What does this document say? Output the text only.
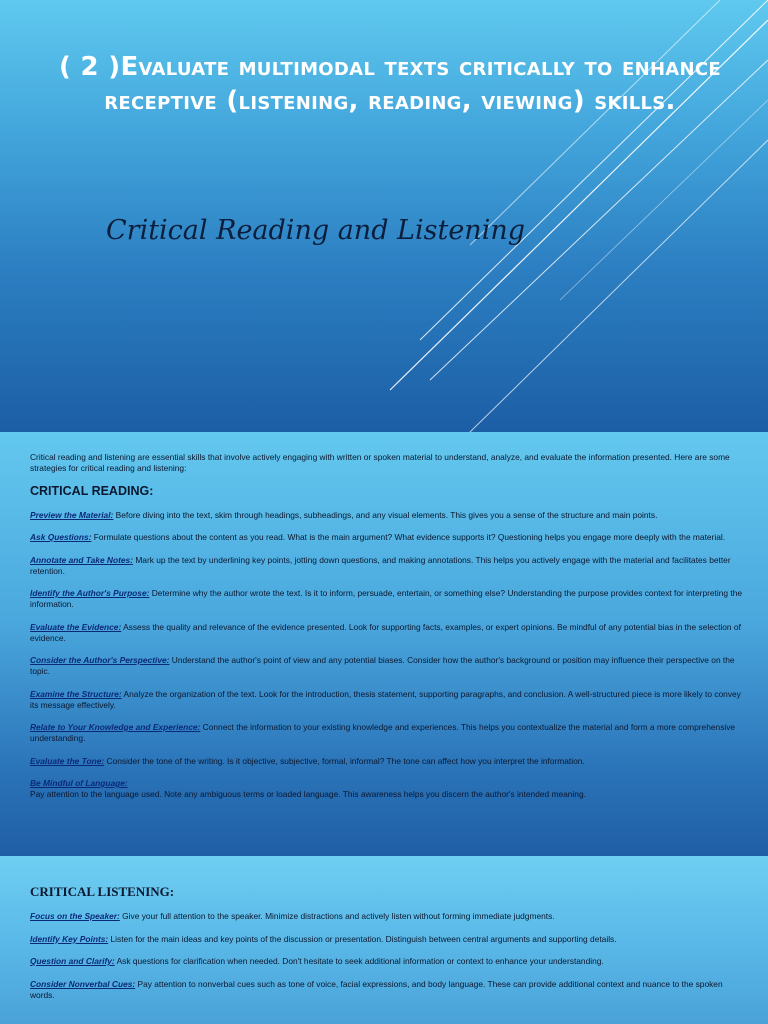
( 2 )Evaluate multimodal texts critically to enhance receptive (listening, reading, viewing) skills.
Critical Reading and Listening

Critical reading and listening are essential skills that involve actively engaging with written or spoken material to understand, analyze, and evaluate the information presented. Here are some strategies for critical reading and listening:

CRITICAL READING:

Preview the Material: Before diving into the text, skim through headings, subheadings, and any visual elements. This gives you a sense of the structure and main points.

Ask Questions: Formulate questions about the content as you read. What is the main argument? What evidence supports it? Questioning helps you engage more deeply with the material.

Annotate and Take Notes: Mark up the text by underlining key points, jotting down questions, and making annotations. This helps you actively engage with the material and facilitates better retention.

Identify the Author's Purpose: Determine why the author wrote the text. Is it to inform, persuade, entertain, or something else? Understanding the purpose provides context for interpreting the information.

Evaluate the Evidence: Assess the quality and relevance of the evidence presented. Look for supporting facts, examples, or expert opinions. Be mindful of any potential bias in the selection of evidence.

Consider the Author's Perspective: Understand the author's point of view and any potential biases. Consider how the author's background or position may influence their perspective on the topic.

Examine the Structure: Analyze the organization of the text. Look for the introduction, thesis statement, supporting paragraphs, and conclusion. A well-structured piece is more likely to convey its message effectively.

Relate to Your Knowledge and Experience: Connect the information to your existing knowledge and experiences. This helps you contextualize the material and form a more comprehensive understanding.

Evaluate the Tone: Consider the tone of the writing. Is it objective, subjective, formal, informal? The tone can affect how you interpret the information.

Be Mindful of Language:
Pay attention to the language used. Note any ambiguous terms or loaded language. This awareness helps you discern the author's intended meaning.

CRITICAL LISTENING:

Focus on the Speaker: Give your full attention to the speaker. Minimize distractions and actively listen without forming immediate judgments.

Identify Key Points: Listen for the main ideas and key points of the discussion or presentation. Distinguish between central arguments and supporting details.

Question and Clarify: Ask questions for clarification when needed. Don't hesitate to seek additional information or context to enhance your understanding.

Consider Nonverbal Cues: Pay attention to nonverbal cues such as tone of voice, facial expressions, and body language. These can provide additional context and nuance to the spoken words.
